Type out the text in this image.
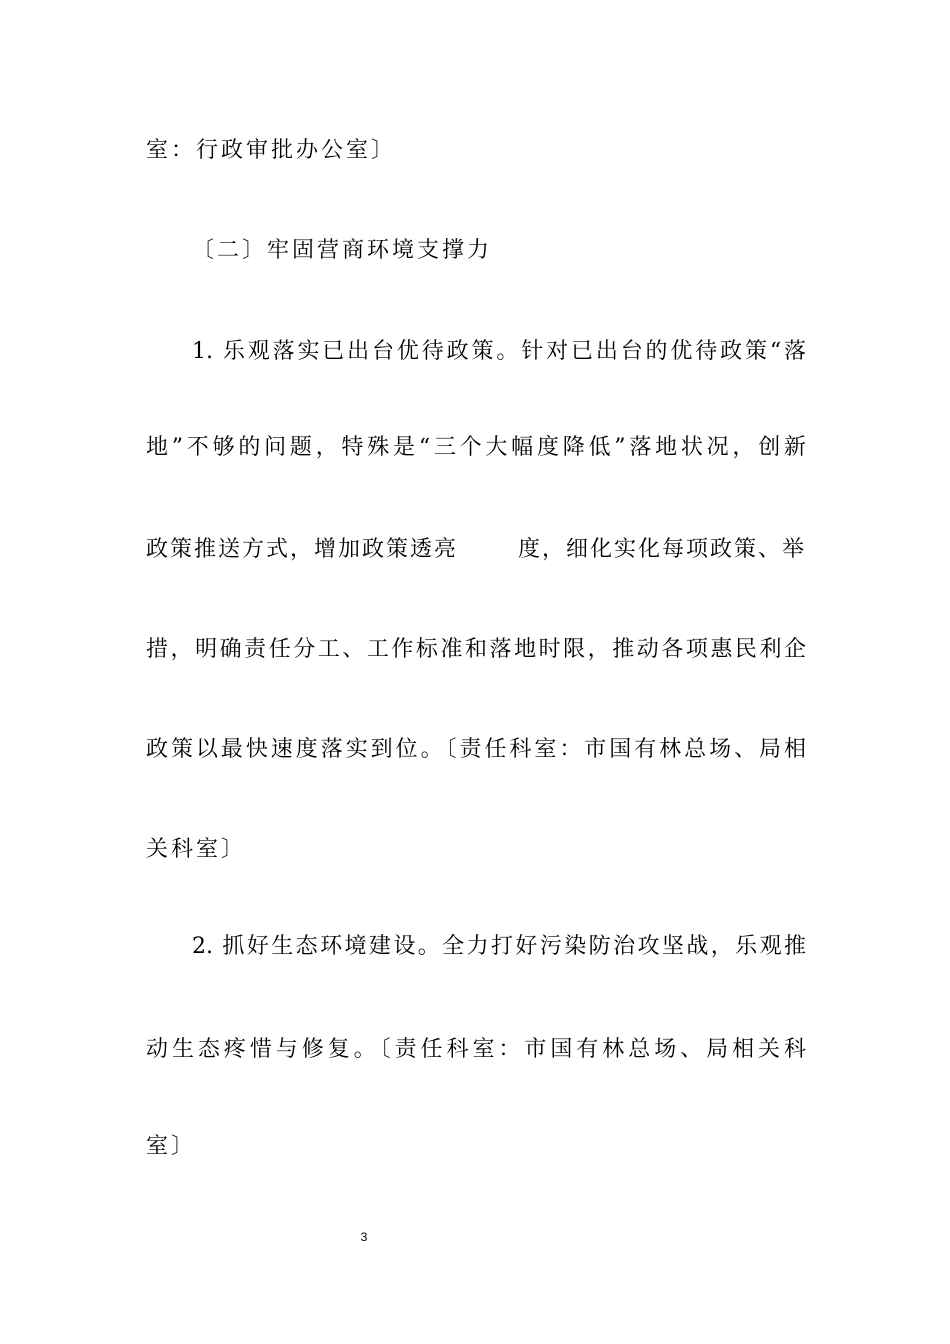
室：行政审批办公室〕
〔二〕牢固营商环境支撑力
1. 乐观落实已出台优待政策。针对已出台的优待政策“落
地”不够的问题，特殊是“三个大幅度降低”落地状况，创新
政策推送方式，增加政策透亮	度，细化实化每项政策、举
措，明确责任分工、工作标准和落地时限，推动各项惠民利企
政策以最快速度落实到位。〔责任科室：市国有林总场、局相
关科室〕
2. 抓好生态环境建设。全力打好污染防治攻坚战，乐观推
动生态疼惜与修复。〔责任科室：市国有林总场、局相关科
室〕
3
